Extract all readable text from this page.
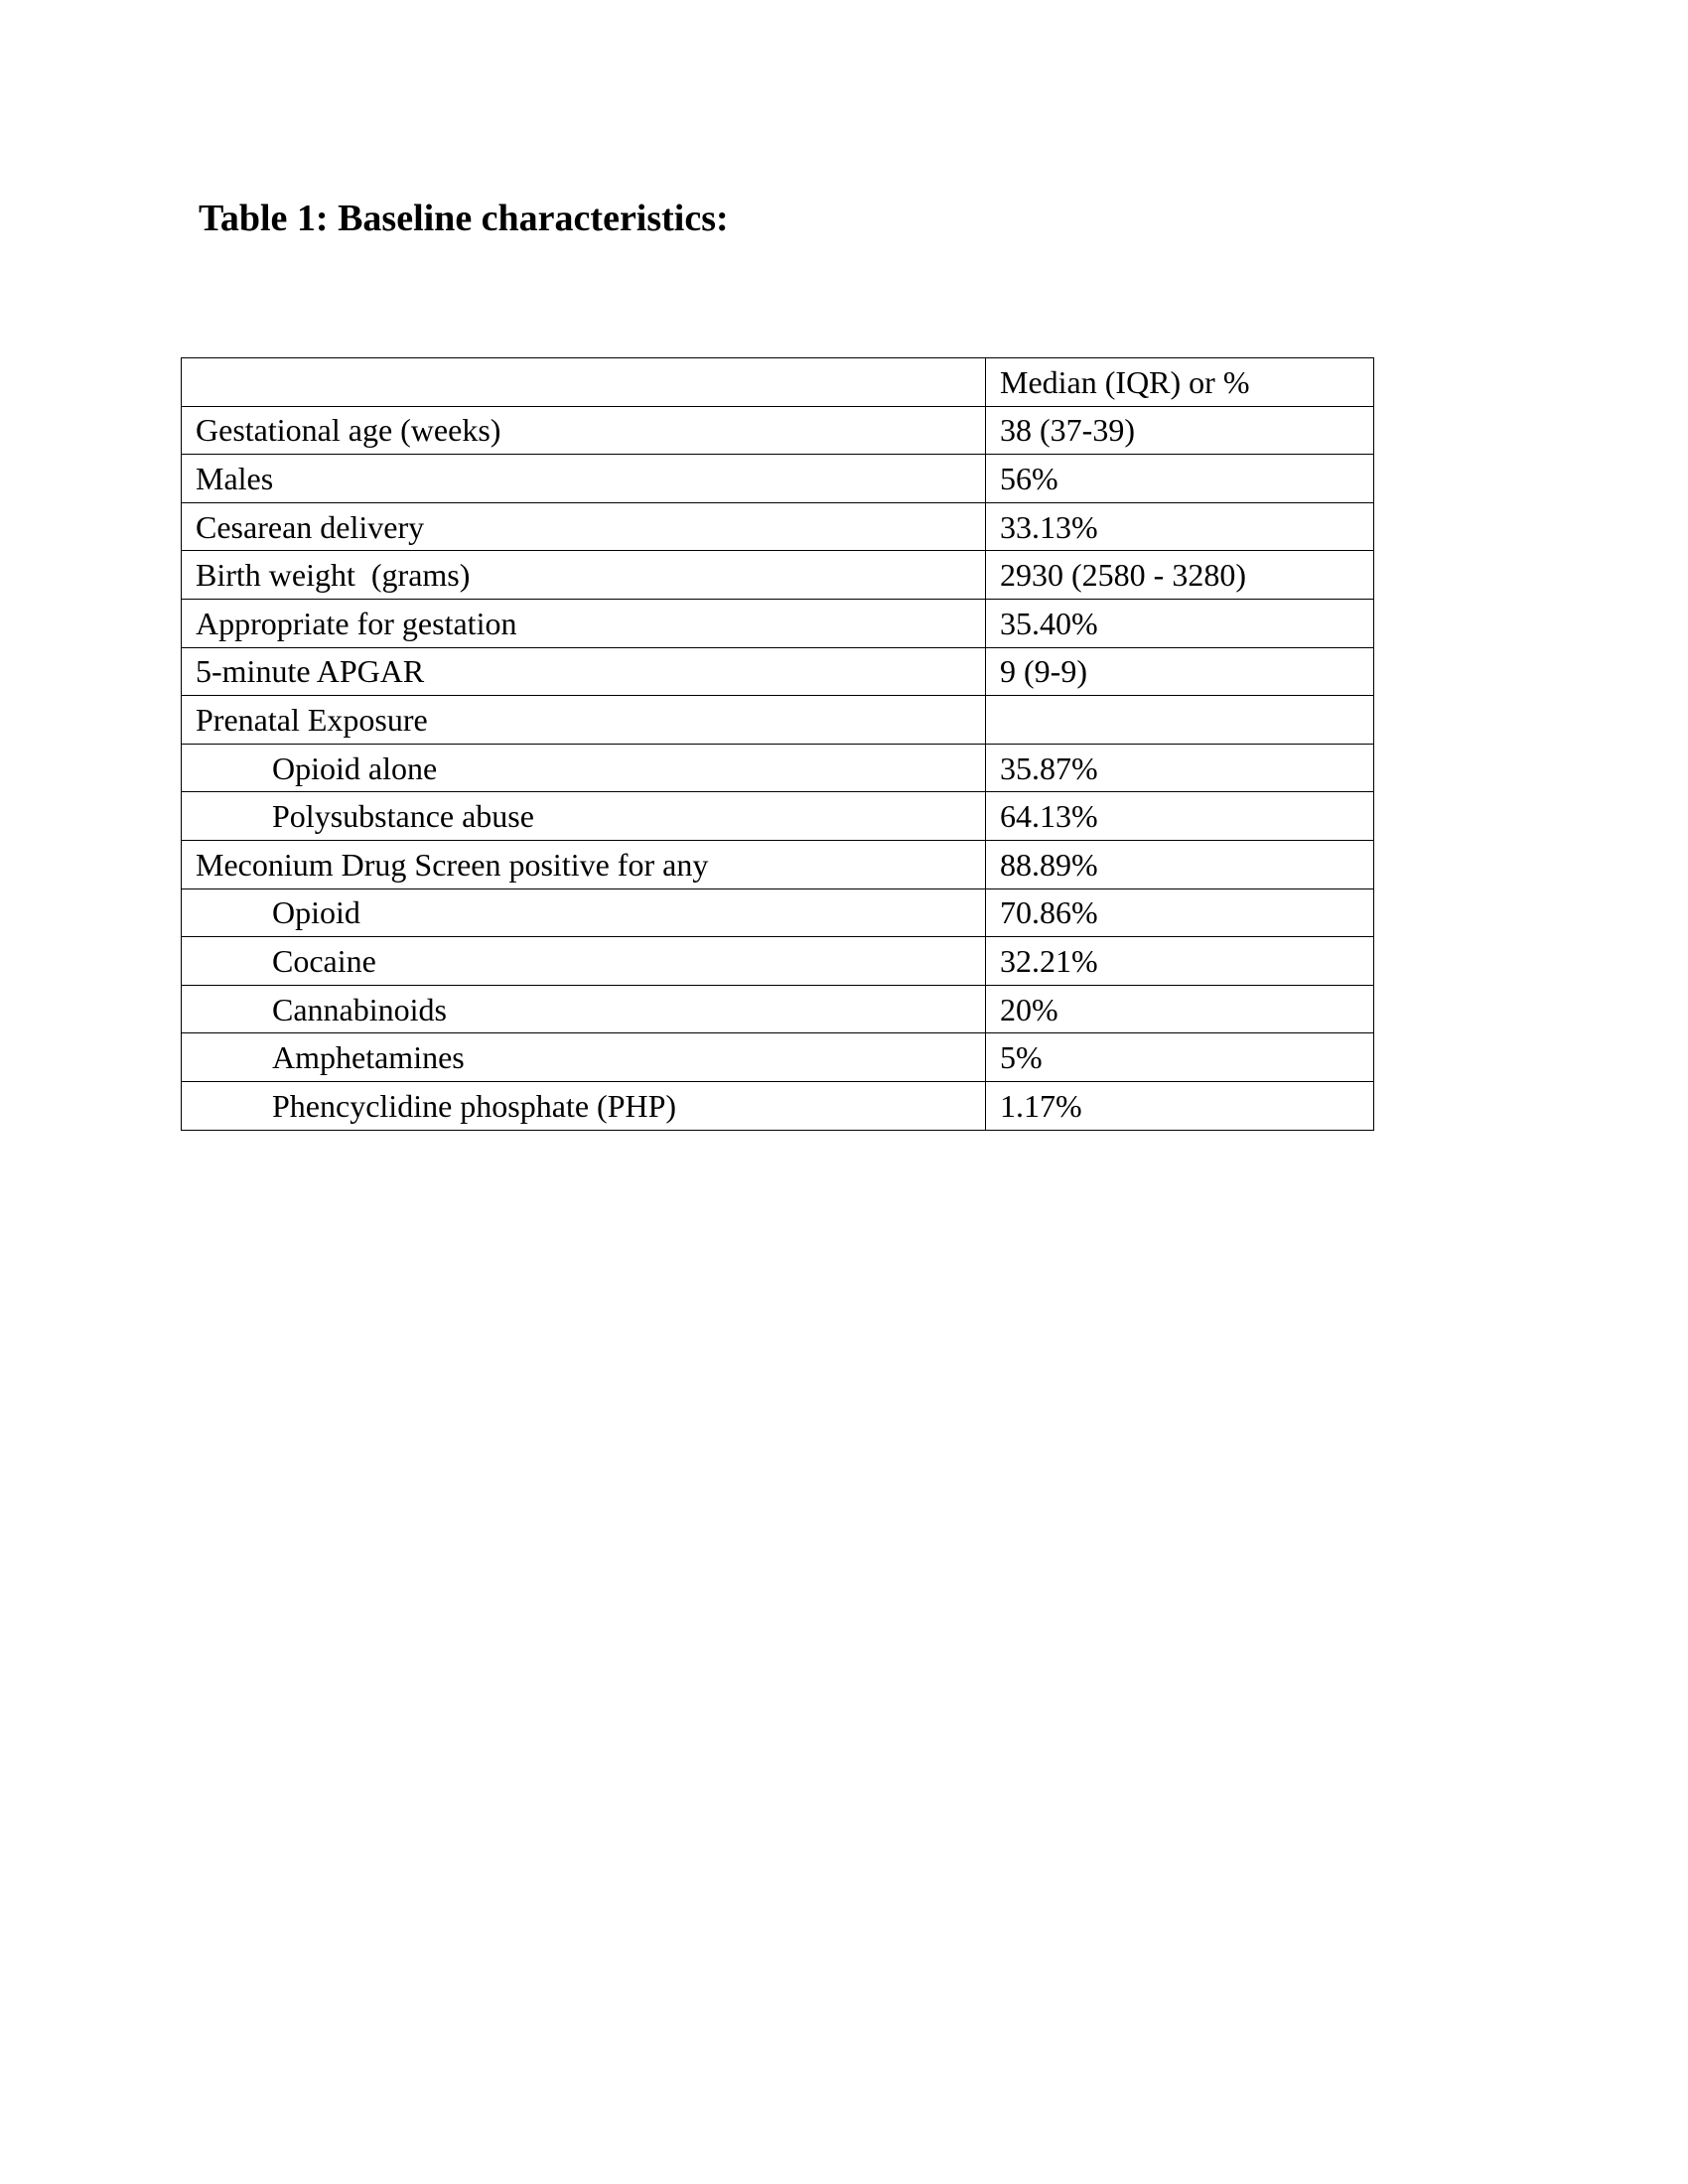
Table 1: Baseline characteristics:
	Median (IQR) or %
Gestational age (weeks)	38 (37-39)
Males	56%
Cesarean delivery	33.13%
Birth weight  (grams)	2930 (2580 - 3280)
Appropriate for gestation	35.40%
5-minute APGAR	9 (9-9)
Prenatal Exposure	
Opioid alone	35.87%
Polysubstance abuse	64.13%
Meconium Drug Screen positive for any	88.89%
Opioid	70.86%
Cocaine	32.21%
Cannabinoids	20%
Amphetamines	5%
Phencyclidine phosphate (PHP)	1.17%
